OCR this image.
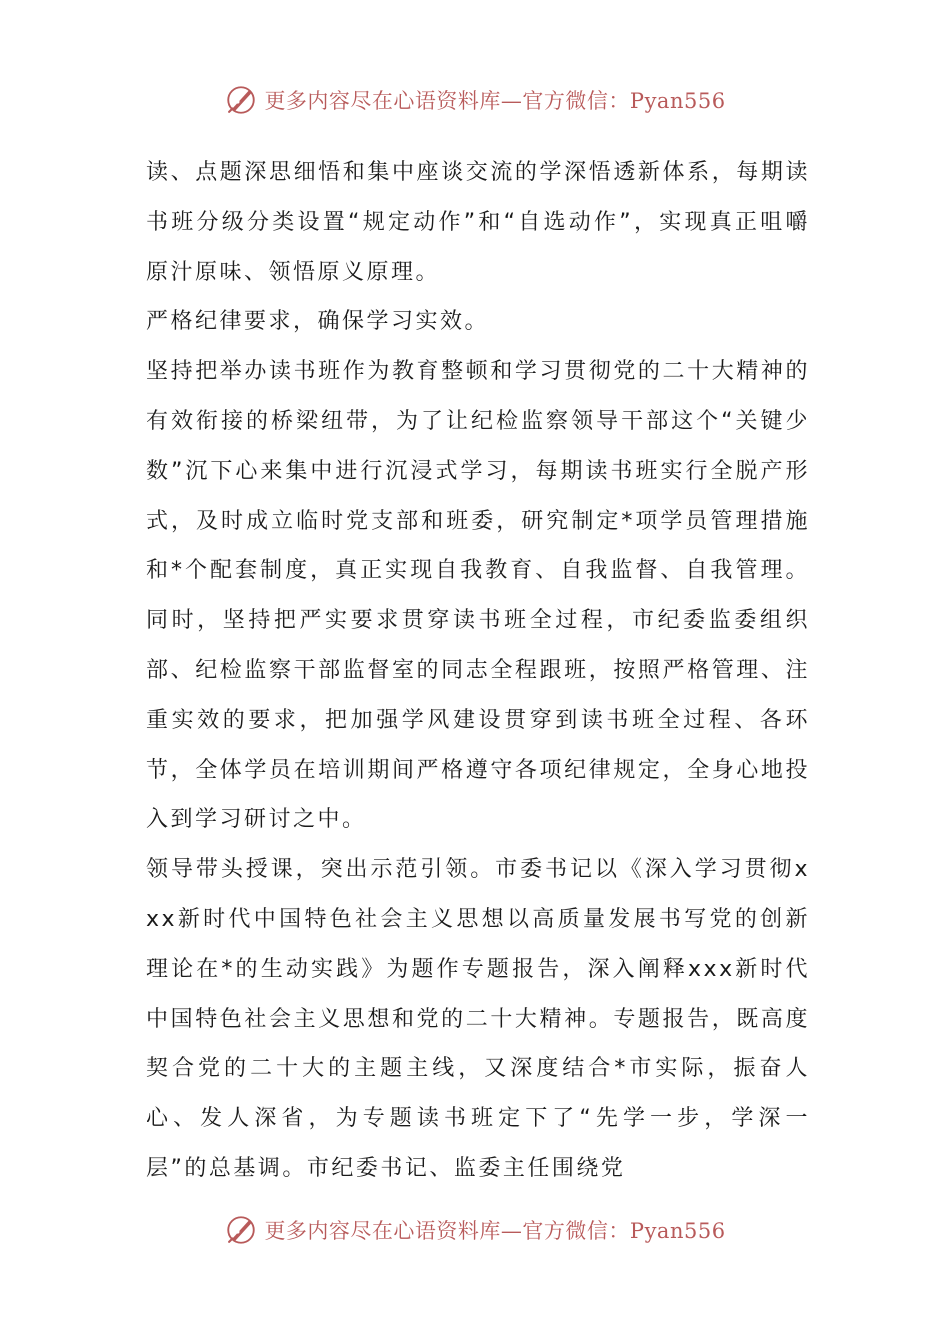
更多内容尽在心语资料库—官方微信：Pyan556

读、点题深思细悟和集中座谈交流的学深悟透新体系，每期读书班分级分类设置“规定动作”和“自选动作”，实现真正咀嚼原汁原味、领悟原义原理。

严格纪律要求，确保学习实效。

坚持把举办读书班作为教育整顿和学习贯彻党的二十大精神的有效衔接的桥梁纽带，为了让纪检监察领导干部这个“关键少数”沉下心来集中进行沉浸式学习，每期读书班实行全脱产形式，及时成立临时党支部和班委，研究制定*项学员管理措施和*个配套制度，真正实现自我教育、自我监督、自我管理。同时，坚持把严实要求贯穿读书班全过程，市纪委监委组织部、纪检监察干部监督室的同志全程跟班，按照严格管理、注重实效的要求，把加强学风建设贯穿到读书班全过程、各环节，全体学员在培训期间严格遵守各项纪律规定，全身心地投入到学习研讨之中。

领导带头授课，突出示范引领。市委书记以《深入学习贯彻xxx新时代中国特色社会主义思想以高质量发展书写党的创新理论在*的生动实践》为题作专题报告，深入阐释xxx新时代中国特色社会主义思想和党的二十大精神。专题报告，既高度契合党的二十大的主题主线，又深度结合*市实际，振奋人心、发人深省，为专题读书班定下了“先学一步，学深一层”的总基调。市纪委书记、监委主任围绕党

更多内容尽在心语资料库—官方微信：Pyan556
